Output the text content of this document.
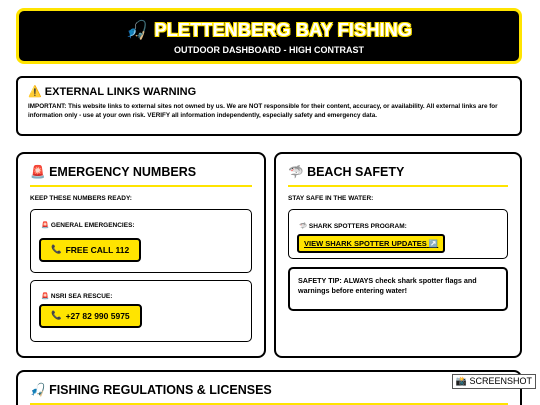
🎣 PLETTENBERG BAY FISHING
OUTDOOR DASHBOARD - HIGH CONTRAST
⚠️ EXTERNAL LINKS WARNING
IMPORTANT: This website links to external sites not owned by us. We are NOT responsible for their content, accuracy, or availability. All external links are for information only - use at your own risk. VERIFY all information independently, especially safety and emergency data.
🚨 EMERGENCY NUMBERS
KEEP THESE NUMBERS READY:
🚨 GENERAL EMERGENCIES:
📞 FREE CALL 112
🚨 NSRI SEA RESCUE:
📞 +27 82 990 5975
🦈 BEACH SAFETY
STAY SAFE IN THE WATER:
🦈 SHARK SPOTTERS PROGRAM:
VIEW SHARK SPOTTER UPDATES ↗️
SAFETY TIP: ALWAYS check shark spotter flags and warnings before entering water!
🎣 FISHING REGULATIONS & LICENSES
📸 SCREENSHOT
